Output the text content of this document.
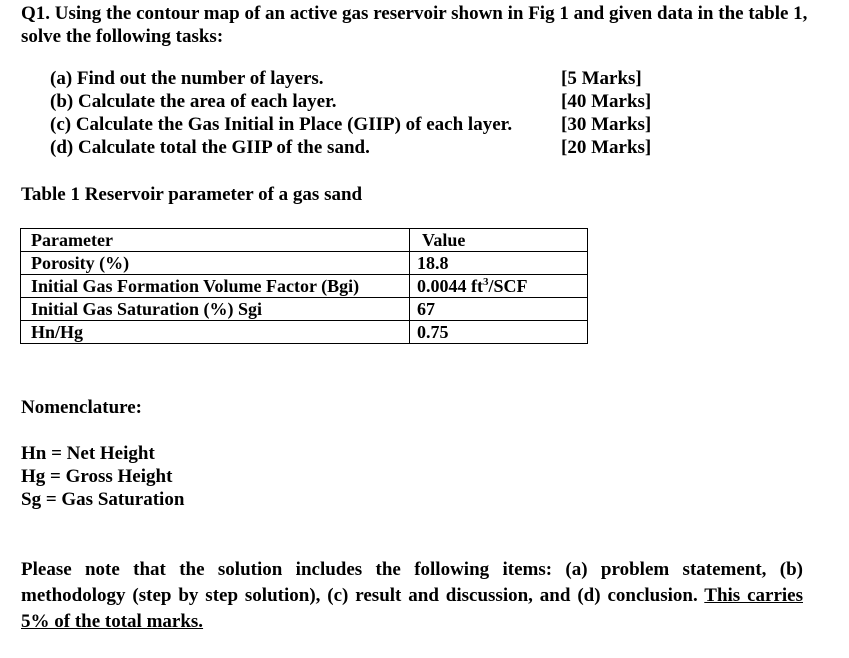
Q1. Using the contour map of an active gas reservoir shown in Fig 1 and given data in the table 1, solve the following tasks:
(a) Find out the number of layers.	[5 Marks]
(b) Calculate the area of each layer.	[40 Marks]
(c) Calculate the Gas Initial in Place (GIIP) of each layer.	[30 Marks]
(d) Calculate total the GIIP of the sand.	[20 Marks]
Table 1 Reservoir parameter of a gas sand
Parameter	Value
Porosity (%)	18.8
Initial Gas Formation Volume Factor (Bgi)	0.0044 $ft^3$/SCF
Initial Gas Saturation (%) Sgi	67
Hn/Hg	0.75
Nomenclature:
Hn = Net Height
Hg = Gross Height
Sg = Gas Saturation
Please note that the solution includes the following items: (a) problem statement, (b) methodology (step by step solution), (c) result and discussion, and (d) conclusion. This carries 5% of the total marks.
